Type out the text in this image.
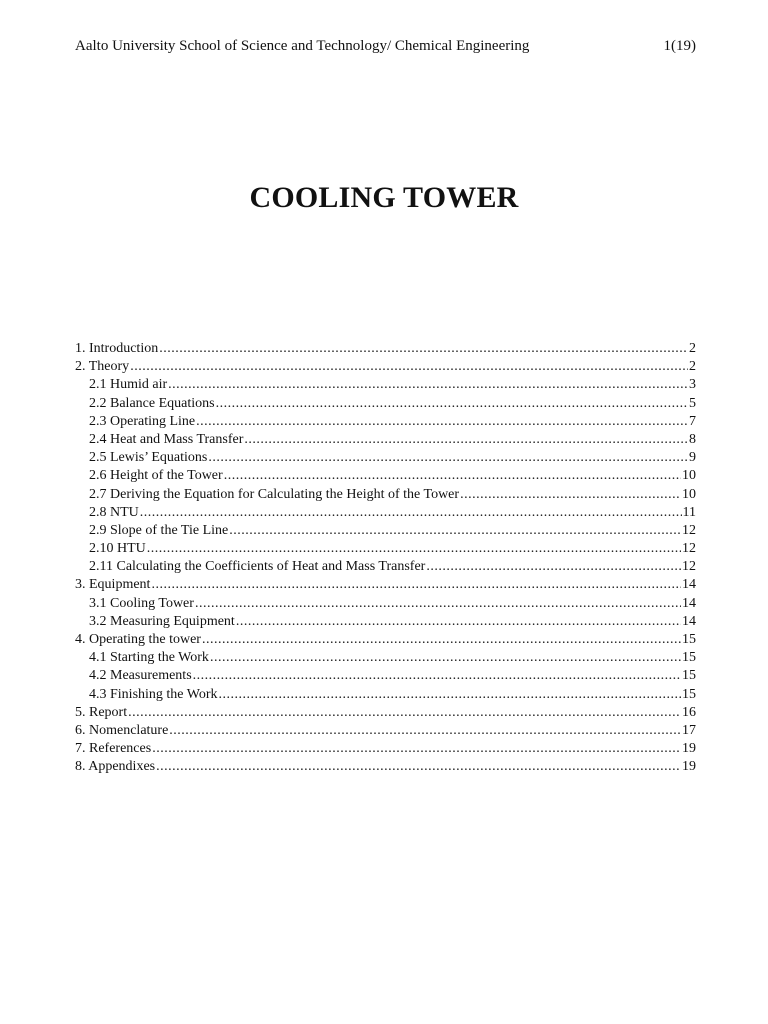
Aalto University School of Science and Technology/ Chemical Engineering	1(19)
COOLING TOWER
1. Introduction .....	2
2. Theory .....	2
2.1 Humid air .....	3
2.2 Balance Equations .....	5
2.3 Operating Line .....	7
2.4 Heat and Mass Transfer .....	8
2.5 Lewis’ Equations .....	9
2.6 Height of the Tower .....	10
2.7 Deriving the Equation for Calculating the Height of the Tower .....	10
2.8 NTU .....	11
2.9 Slope of the Tie Line .....	12
2.10 HTU .....	12
2.11 Calculating the Coefficients of Heat and Mass Transfer .....	12
3. Equipment .....	14
3.1 Cooling Tower .....	14
3.2 Measuring Equipment .....	14
4. Operating the tower .....	15
4.1 Starting the Work .....	15
4.2 Measurements .....	15
4.3 Finishing the Work .....	15
5. Report .....	16
6. Nomenclature .....	17
7. References .....	19
8. Appendixes .....	19
